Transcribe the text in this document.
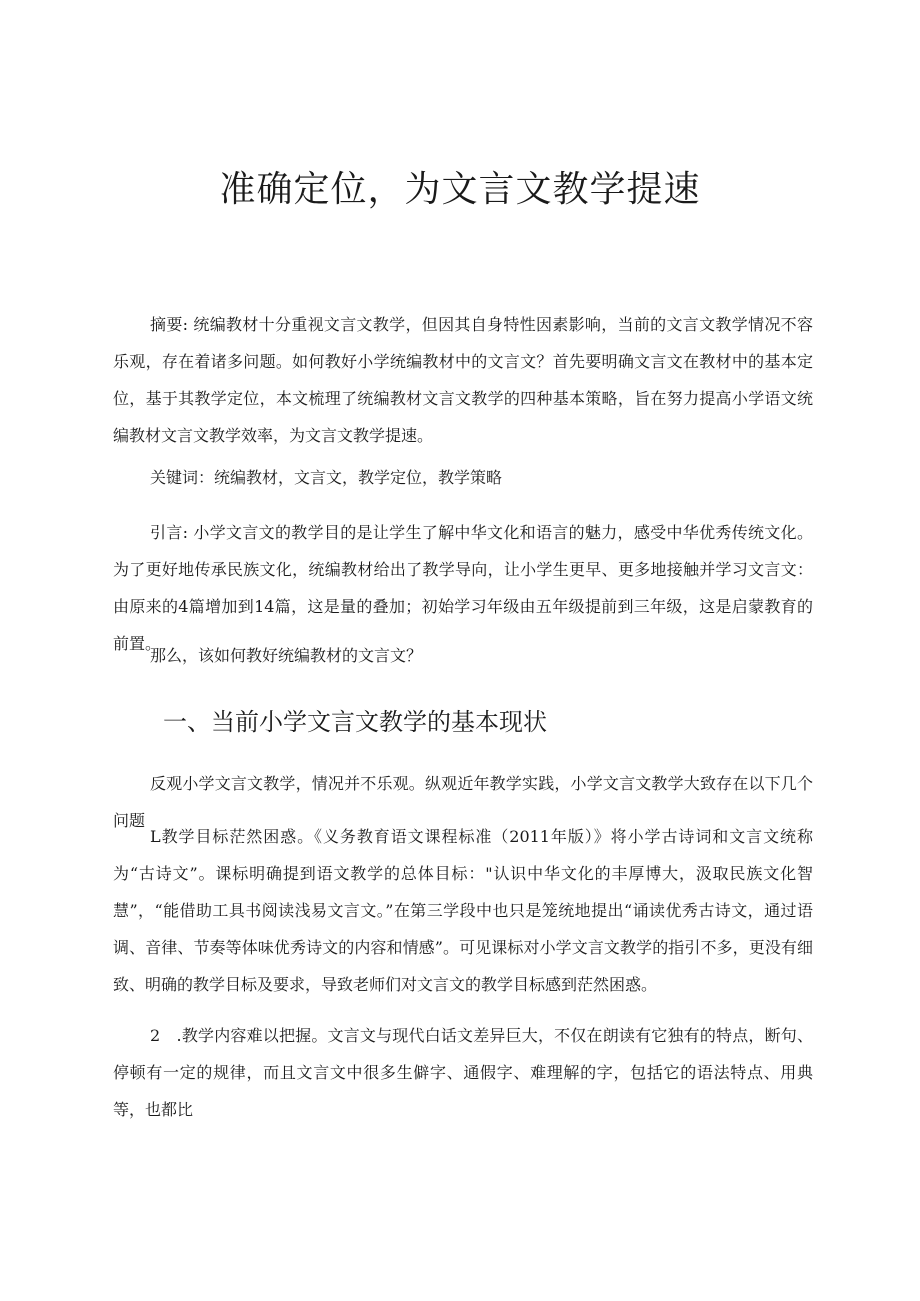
准确定位，为文言文教学提速

摘要: 统编教材十分重视文言文教学，但因其自身特性因素影响，当前的文言文教学情况不容乐观，存在着诸多问题。如何教好小学统编教材中的文言文？首先要明确文言文在教材中的基本定位，基于其教学定位，本文梳理了统编教材文言文教学的四种基本策略，旨在努力提高小学语文统编教材文言文教学效率，为文言文教学提速。

关键词：统编教材，文言文，教学定位，教学策略

引言: 小学文言文的教学目的是让学生了解中华文化和语言的魅力，感受中华优秀传统文化。为了更好地传承民族文化，统编教材给出了教学导向，让小学生更早、更多地接触并学习文言文：由原来的4篇增加到14篇，这是量的叠加；初始学习年级由五年级提前到三年级，这是启蒙教育的前置。

那么，该如何教好统编教材的文言文？

一、当前小学文言文教学的基本现状

反观小学文言文教学，情况并不乐观。纵观近年教学实践，小学文言文教学大致存在以下几个问题

L教学目标茫然困惑。《义务教育语文课程标准（2011年版）》将小学古诗词和文言文统称为“古诗文”。课标明确提到语文教学的总体目标："认识中华文化的丰厚博大，汲取民族文化智慧”，“能借助工具书阅读浅易文言文。”在第三学段中也只是笼统地提出“诵读优秀古诗文，通过语调、音律、节奏等体味优秀诗文的内容和情感”。可见课标对小学文言文教学的指引不多，更没有细致、明确的教学目标及要求，导致老师们对文言文的教学目标感到茫然困惑。

2　.教学内容难以把握。文言文与现代白话文差异巨大，不仅在朗读有它独有的特点，断句、停顿有一定的规律，而且文言文中很多生僻字、通假字、难理解的字，包括它的语法特点、用典等，也都比
